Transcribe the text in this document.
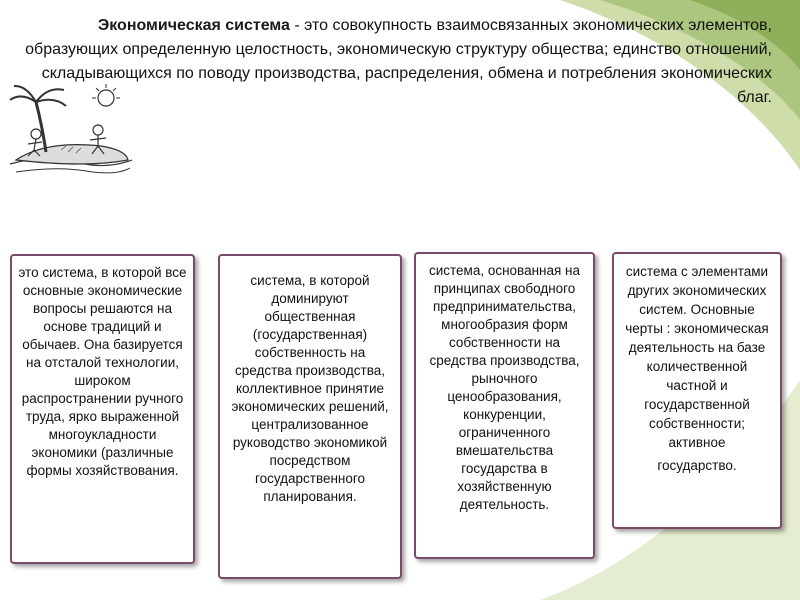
Экономическая система - это совокупность взаимосвязанных экономических элементов, образующих определенную целостность, экономическую структуру общества; единство отношений, складывающихся по поводу производства, распределения, обмена и потребления экономических благ.
это система, в которой все основные экономические вопросы решаются на основе традиций и обычаев. Она базируется на отсталой технологии, широком распространении ручного труда, ярко выраженной многоукладности экономики (различные формы хозяйствования.
система, в которой доминируют общественная (государственная) собственность на средства производства, коллективное принятие экономических решений, централизованное руководство экономикой посредством государственного планирования.
система, основанная на принципах свободного предпринимательства, многообразия форм собственности на средства производства, рыночного ценообразования, конкуренции, ограниченного вмешательства государства в хозяйственную деятельность.
система с элементами других экономических систем. Основные черты : экономическая деятельность на базе количественной частной и государственной собственности; активное
государство.
